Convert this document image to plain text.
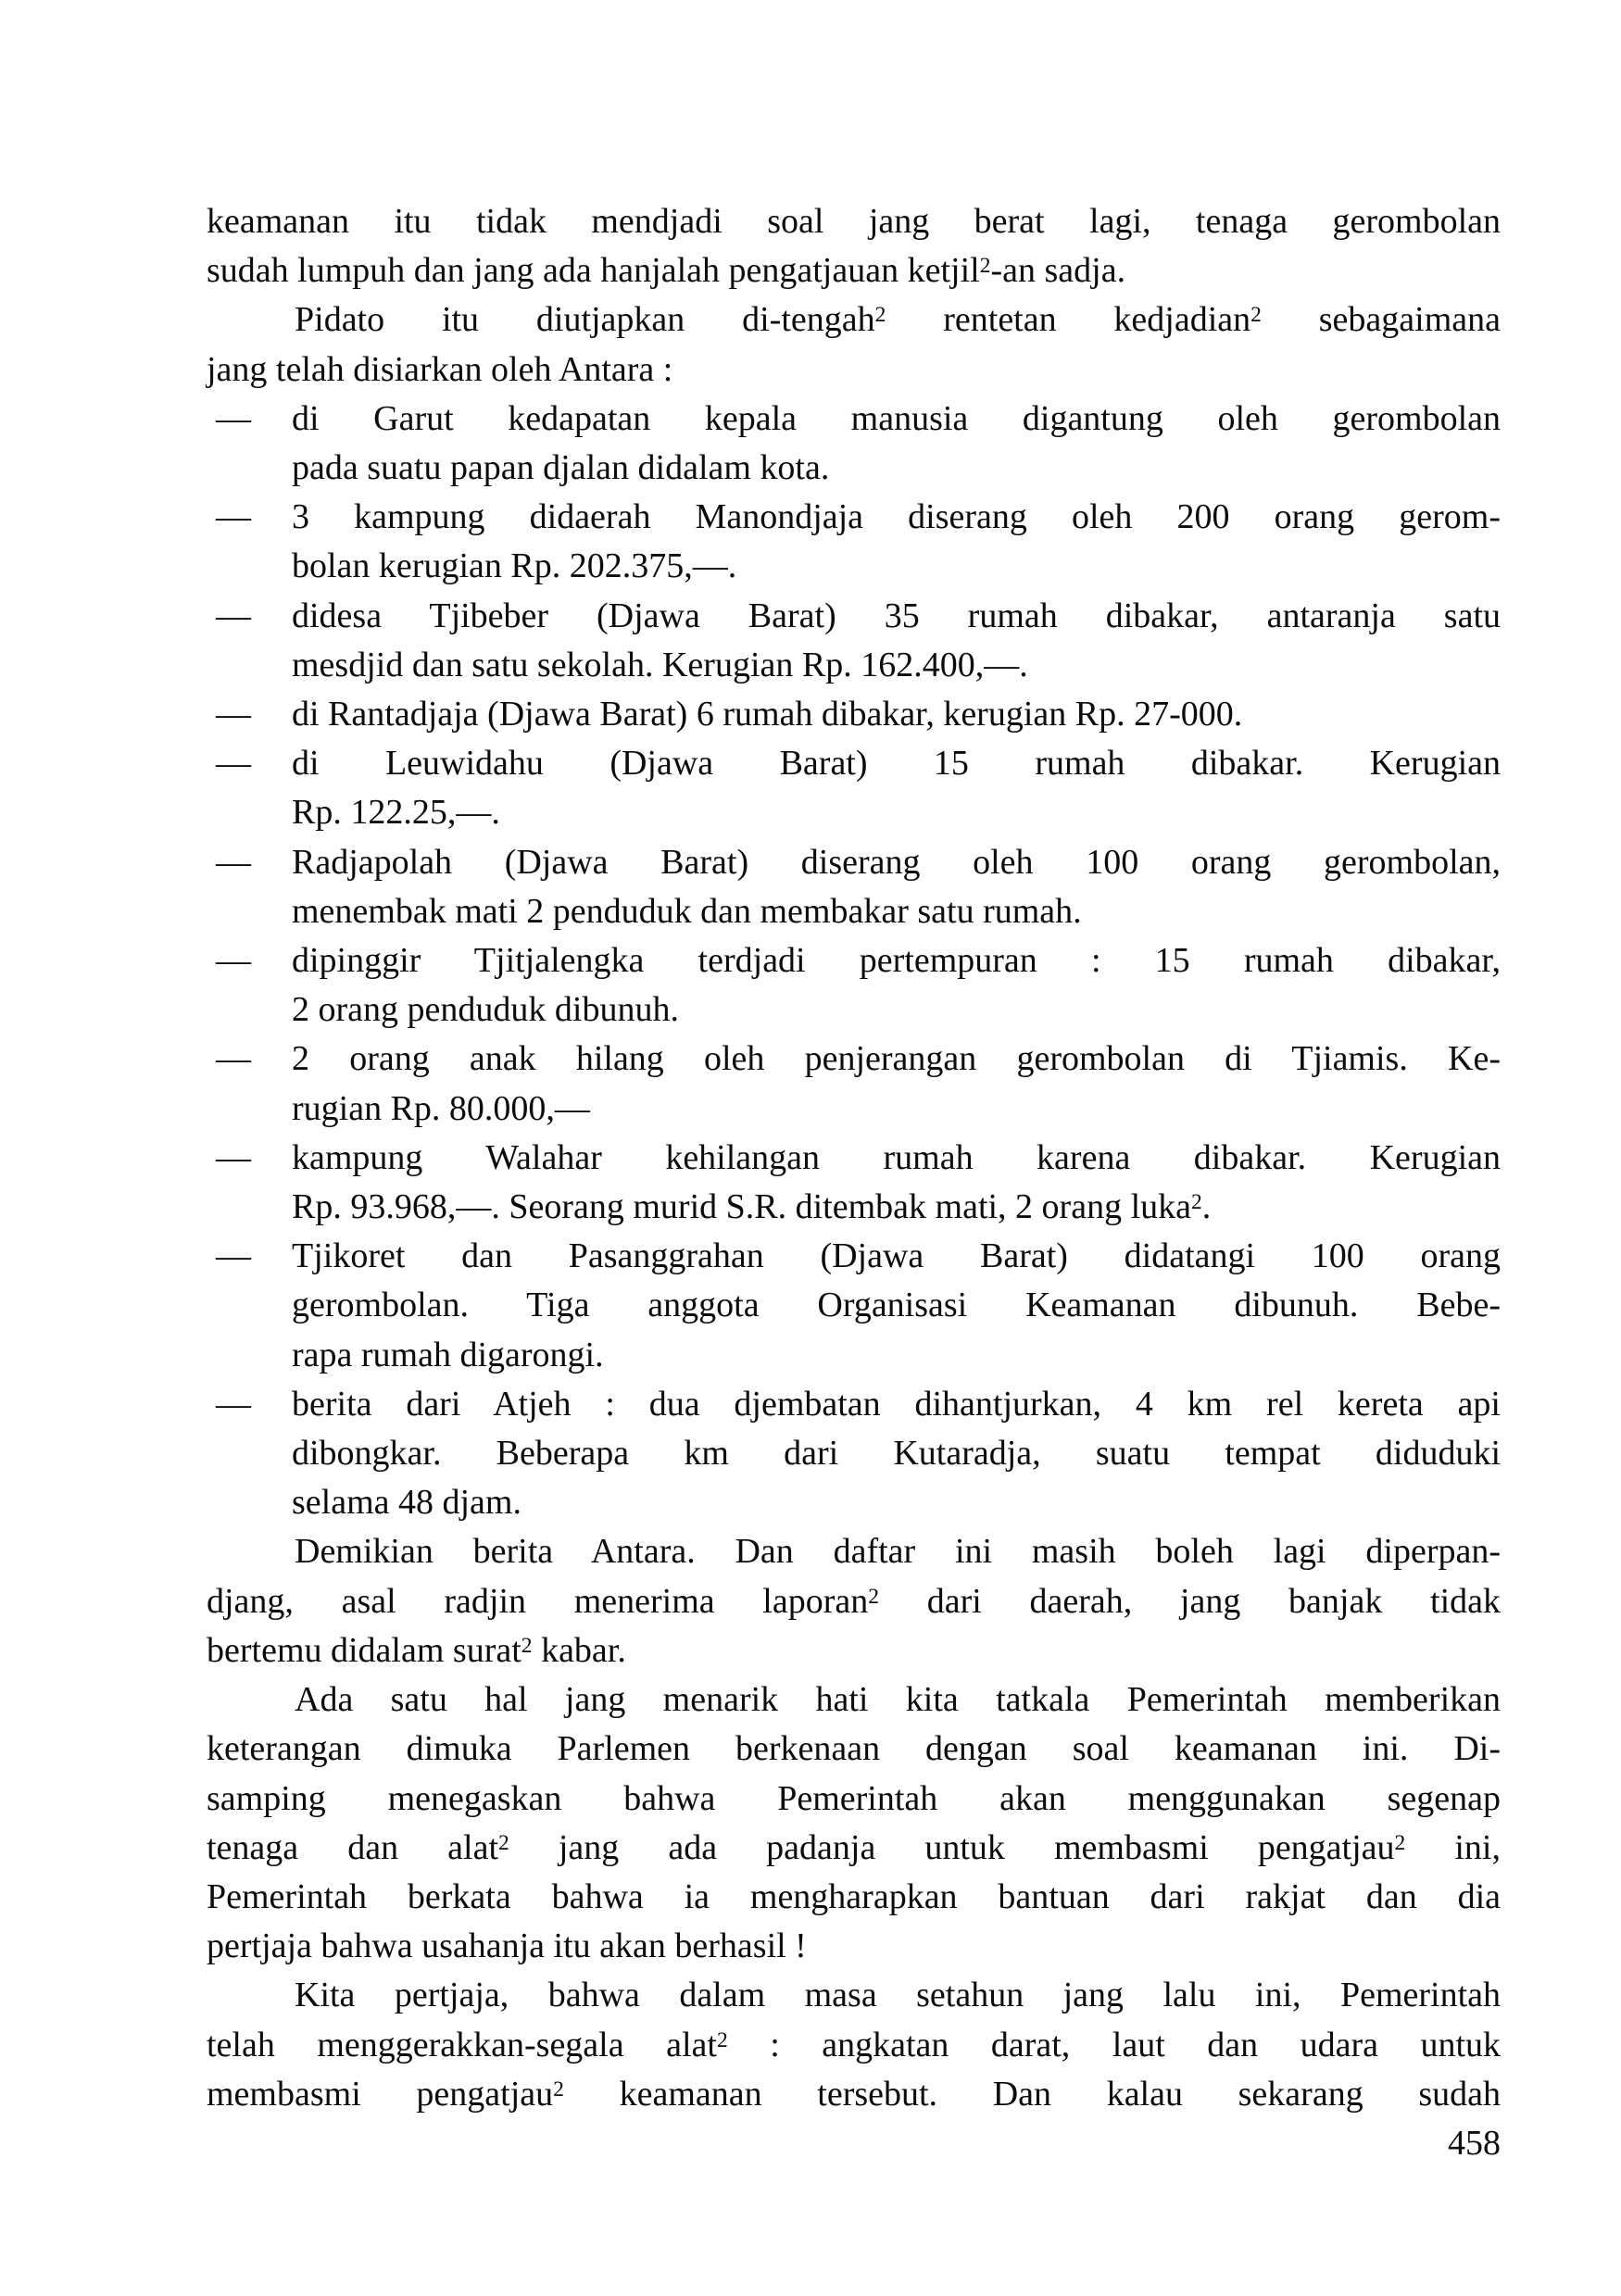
keamanan itu tidak mendjadi soal jang berat lagi, tenaga gerombolan
sudah lumpuh dan jang ada hanjalah pengatjauan ketjil$^2$-an sadja.
Pidato itu diutjapkan di-tengah$^2$ rentetan kedjadian$^2$ sebagaimana
jang telah disiarkan oleh Antara :
—	di Garut kedapatan kepala manusia digantung oleh gerombolan
pada suatu papan djalan didalam kota.
—	3 kampung didaerah Manondjaja diserang oleh 200 orang gerom-
bolan kerugian Rp. 202.375,—.
—	didesa Tjibeber (Djawa Barat) 35 rumah dibakar, antaranja satu
mesdjid dan satu sekolah. Kerugian Rp. 162.400,—.
—	di Rantadjaja (Djawa Barat) 6 rumah dibakar, kerugian Rp. 27-000.
—	di Leuwidahu (Djawa Barat) 15 rumah dibakar. Kerugian
Rp. 122.25,—.
—	Radjapolah (Djawa Barat) diserang oleh 100 orang gerombolan,
menembak mati 2 penduduk dan membakar satu rumah.
—	dipinggir Tjitjalengka terdjadi pertempuran : 15 rumah dibakar,
2 orang penduduk dibunuh.
—	2 orang anak hilang oleh penjerangan gerombolan di Tjiamis. Ke-
rugian Rp. 80.000,—
—	kampung Walahar kehilangan rumah karena dibakar. Kerugian
Rp. 93.968,—. Seorang murid S.R. ditembak mati, 2 orang luka$^2$.
—	Tjikoret dan Pasanggrahan (Djawa Barat) didatangi 100 orang
gerombolan. Tiga anggota Organisasi Keamanan dibunuh. Bebe-
rapa rumah digarongi.
—	berita dari Atjeh : dua djembatan dihantjurkan, 4 km rel kereta api
dibongkar. Beberapa km dari Kutaradja, suatu tempat diduduki
selama 48 djam.
Demikian berita Antara. Dan daftar ini masih boleh lagi diperpan-
djang, asal radjin menerima laporan$^2$ dari daerah, jang banjak tidak
bertemu didalam surat$^2$ kabar.
Ada satu hal jang menarik hati kita tatkala Pemerintah memberikan
keterangan dimuka Parlemen berkenaan dengan soal keamanan ini. Di-
samping menegaskan bahwa Pemerintah akan menggunakan segenap
tenaga dan alat$^2$ jang ada padanja untuk membasmi pengatjau$^2$ ini,
Pemerintah berkata bahwa ia mengharapkan bantuan dari rakjat dan dia
pertjaja bahwa usahanja itu akan berhasil !
Kita pertjaja, bahwa dalam masa setahun jang lalu ini, Pemerintah
telah menggerakkan-segala alat$^2$ : angkatan darat, laut dan udara untuk
membasmi pengatjau$^2$ keamanan tersebut. Dan kalau sekarang sudah
458
